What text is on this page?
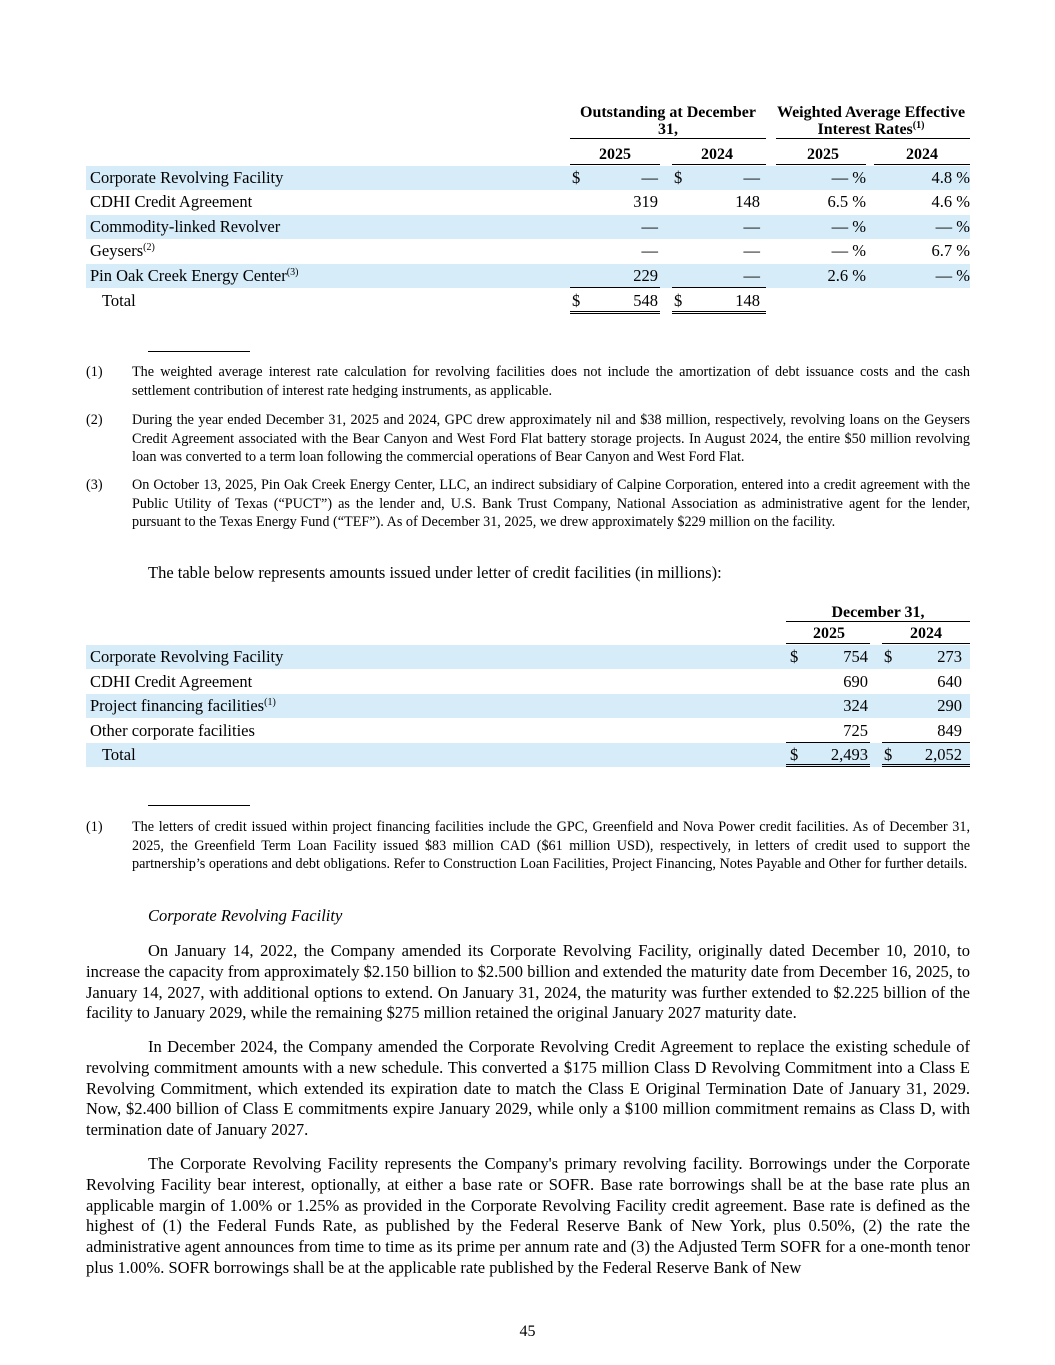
Outstanding at December 31,
Weighted Average Effective Interest Rates$^{(1)}$
2025	2024	2025	2024
Corporate Revolving Facility	$	— $	—	— %	4.8 %
CDHI Credit Agreement	319	148	6.5 %	4.6 %
Commodity-linked Revolver	—	—	— %	— %
Geysers$^{(2)}$	—	—	— %	6.7 %
Pin Oak Creek Energy Center$^{(3)}$	229	—	2.6 %	— %
Total	$	548 $	148
(1) The weighted average interest rate calculation for revolving facilities does not include the amortization of debt issuance costs and the cash settlement contribution of interest rate hedging instruments, as applicable.
(2) During the year ended December 31, 2025 and 2024, GPC drew approximately nil and $38 million, respectively, revolving loans on the Geysers Credit Agreement associated with the Bear Canyon and West Ford Flat battery storage projects. In August 2024, the entire $50 million revolving loan was converted to a term loan following the commercial operations of Bear Canyon and West Ford Flat.
(3) On October 13, 2025, Pin Oak Creek Energy Center, LLC, an indirect subsidiary of Calpine Corporation, entered into a credit agreement with the Public Utility of Texas (“PUCT”) as the lender and, U.S. Bank Trust Company, National Association as administrative agent for the lender, pursuant to the Texas Energy Fund (“TEF”). As of December 31, 2025, we drew approximately $229 million on the facility.
The table below represents amounts issued under letter of credit facilities (in millions):
December 31,
2025	2024
Corporate Revolving Facility	$	754 $	273
CDHI Credit Agreement	690	640
Project financing facilities$^{(1)}$	324	290
Other corporate facilities	725	849
Total	$	2,493 $	2,052
(1) The letters of credit issued within project financing facilities include the GPC, Greenfield and Nova Power credit facilities. As of December 31, 2025, the Greenfield Term Loan Facility issued $83 million CAD ($61 million USD), respectively, in letters of credit used to support the partnership’s operations and debt obligations. Refer to Construction Loan Facilities, Project Financing, Notes Payable and Other for further details.
Corporate Revolving Facility
On January 14, 2022, the Company amended its Corporate Revolving Facility, originally dated December 10, 2010, to increase the capacity from approximately $2.150 billion to $2.500 billion and extended the maturity date from December 16, 2025, to January 14, 2027, with additional options to extend. On January 31, 2024, the maturity was further extended to $2.225 billion of the facility to January 2029, while the remaining $275 million retained the original January 2027 maturity date.
In December 2024, the Company amended the Corporate Revolving Credit Agreement to replace the existing schedule of revolving commitment amounts with a new schedule. This converted a $175 million Class D Revolving Commitment into a Class E Revolving Commitment, which extended its expiration date to match the Class E Original Termination Date of January 31, 2029. Now, $2.400 billion of Class E commitments expire January 2029, while only a $100 million commitment remains as Class D, with termination date of January 2027.
The Corporate Revolving Facility represents the Company's primary revolving facility. Borrowings under the Corporate Revolving Facility bear interest, optionally, at either a base rate or SOFR. Base rate borrowings shall be at the base rate plus an applicable margin of 1.00% or 1.25% as provided in the Corporate Revolving Facility credit agreement. Base rate is defined as the highest of (1) the Federal Funds Rate, as published by the Federal Reserve Bank of New York, plus 0.50%, (2) the rate the administrative agent announces from time to time as its prime per annum rate and (3) the Adjusted Term SOFR for a one-month tenor plus 1.00%. SOFR borrowings shall be at the applicable rate published by the Federal Reserve Bank of New
45
